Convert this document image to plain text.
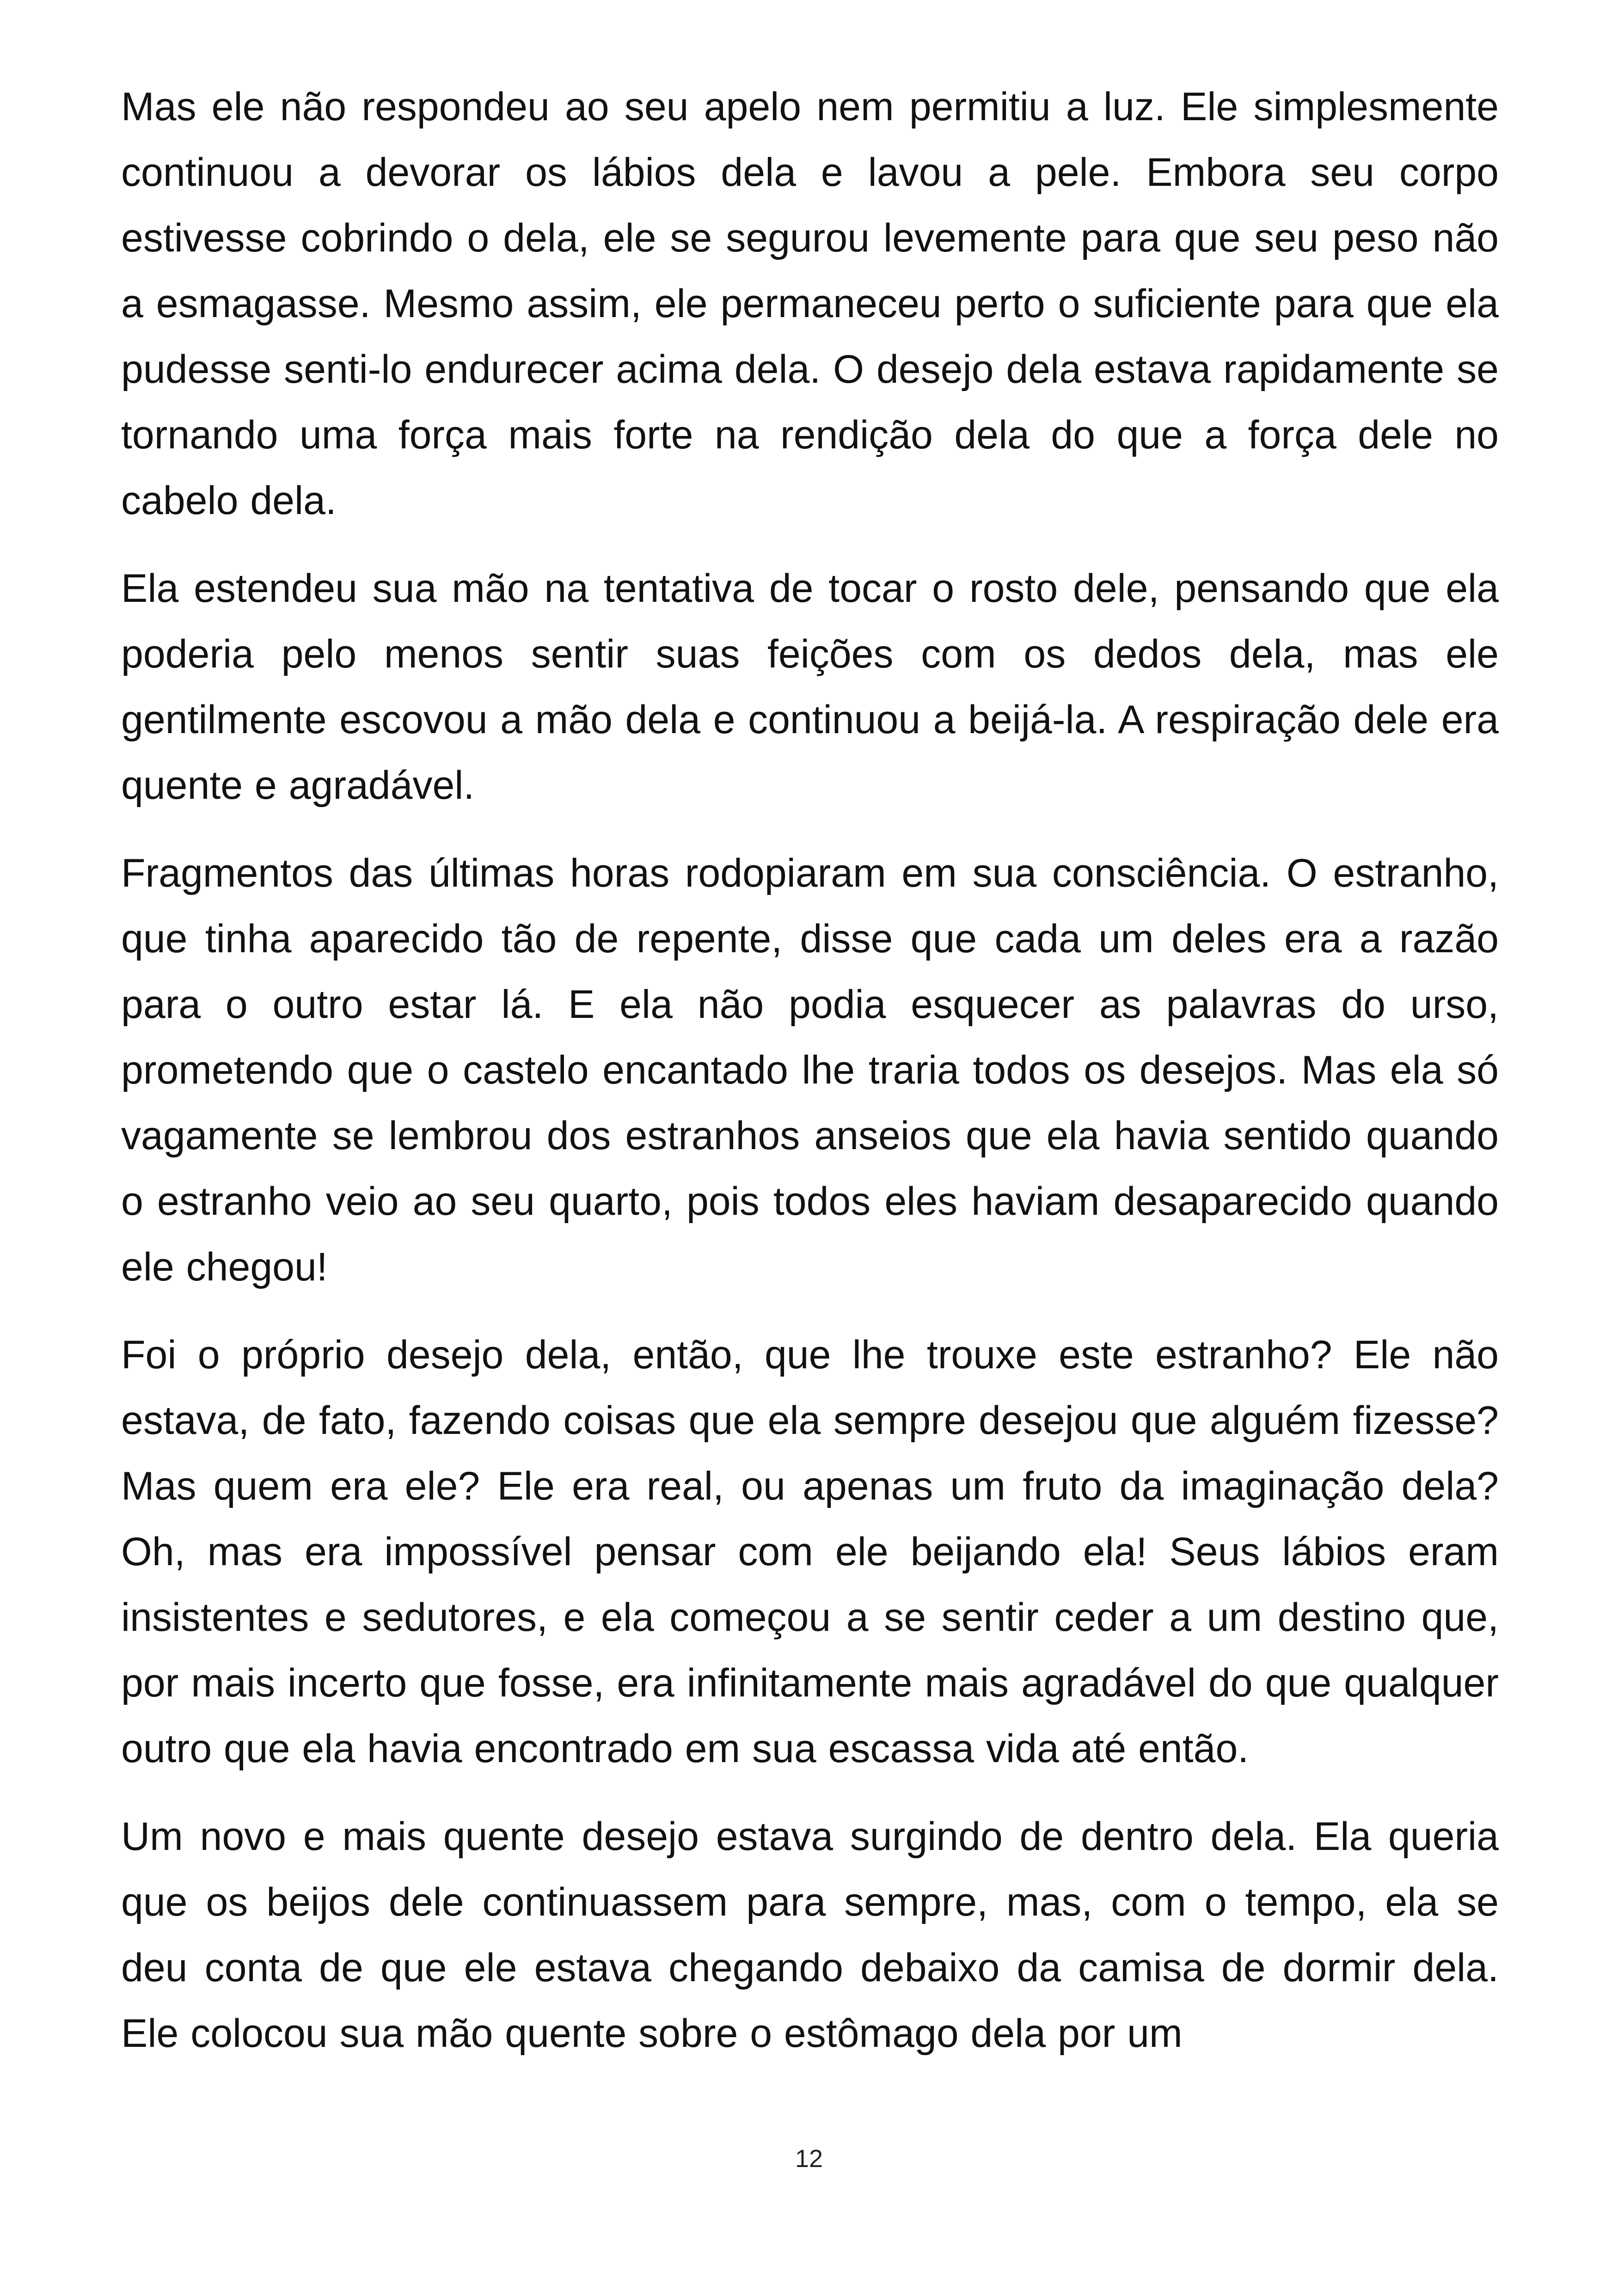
Mas ele não respondeu ao seu apelo nem permitiu a luz. Ele simplesmente continuou a devorar os lábios dela e lavou a pele. Embora seu corpo estivesse cobrindo o dela, ele se segurou levemente para que seu peso não a esmagasse. Mesmo assim, ele permaneceu perto o suficiente para que ela pudesse senti-lo endurecer acima dela. O desejo dela estava rapidamente se tornando uma força mais forte na rendição dela do que a força dele no cabelo dela.

Ela estendeu sua mão na tentativa de tocar o rosto dele, pensando que ela poderia pelo menos sentir suas feições com os dedos dela, mas ele gentilmente escovou a mão dela e continuou a beijá-la. A respiração dele era quente e agradável.

Fragmentos das últimas horas rodopiaram em sua consciência. O estranho, que tinha aparecido tão de repente, disse que cada um deles era a razão para o outro estar lá. E ela não podia esquecer as palavras do urso, prometendo que o castelo encantado lhe traria todos os desejos. Mas ela só vagamente se lembrou dos estranhos anseios que ela havia sentido quando o estranho veio ao seu quarto, pois todos eles haviam desaparecido quando ele chegou!

Foi o próprio desejo dela, então, que lhe trouxe este estranho? Ele não estava, de fato, fazendo coisas que ela sempre desejou que alguém fizesse? Mas quem era ele? Ele era real, ou apenas um fruto da imaginação dela? Oh, mas era impossível pensar com ele beijando ela! Seus lábios eram insistentes e sedutores, e ela começou a se sentir ceder a um destino que, por mais incerto que fosse, era infinitamente mais agradável do que qualquer outro que ela havia encontrado em sua escassa vida até então.

Um novo e mais quente desejo estava surgindo de dentro dela. Ela queria que os beijos dele continuassem para sempre, mas, com o tempo, ela se deu conta de que ele estava chegando debaixo da camisa de dormir dela. Ele colocou sua mão quente sobre o estômago dela por um

12
